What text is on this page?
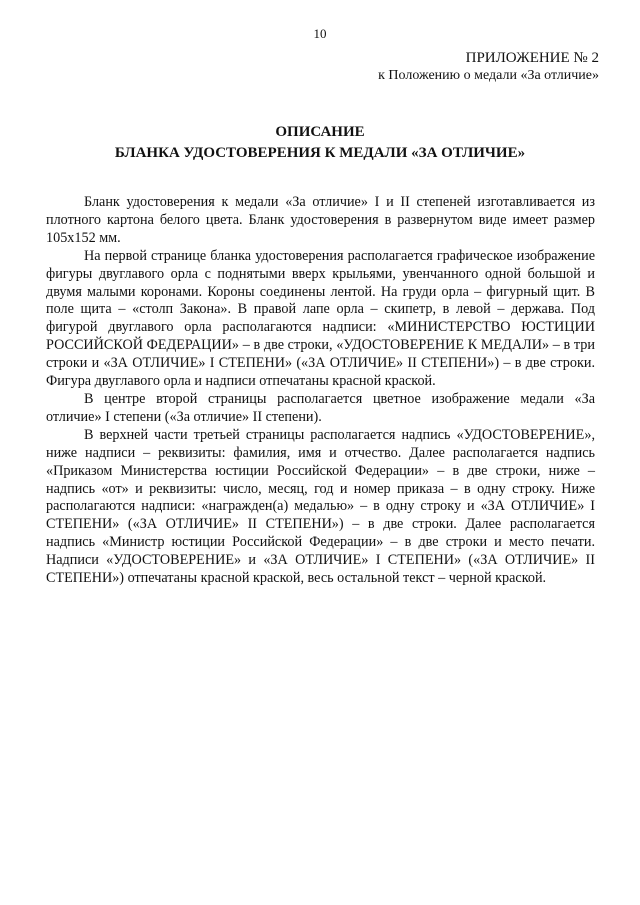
10
ПРИЛОЖЕНИЕ № 2
к Положению о медали «За отличие»
ОПИСАНИЕ
БЛАНКА УДОСТОВЕРЕНИЯ К МЕДАЛИ «ЗА ОТЛИЧИЕ»

Бланк удостоверения к медали «За отличие» I и II степеней изготавливается из плотного картона белого цвета. Бланк удостоверения в развернутом виде имеет размер 105х152 мм.

На первой странице бланка удостоверения располагается графическое изображение фигуры двуглавого орла с поднятыми вверх крыльями, увенчанного одной большой и двумя малыми коронами. Короны соединены лентой. На груди орла – фигурный щит. В поле щита – «столп Закона». В правой лапе орла – скипетр, в левой – держава. Под фигурой двуглавого орла располагаются надписи: «МИНИСТЕРСТВО ЮСТИЦИИ РОССИЙСКОЙ ФЕДЕРАЦИИ» – в две строки, «УДОСТОВЕРЕНИЕ К МЕДАЛИ» – в три строки и «ЗА ОТЛИЧИЕ» I СТЕПЕНИ» («ЗА ОТЛИЧИЕ» II СТЕПЕНИ») – в две строки. Фигура двуглавого орла и надписи отпечатаны красной краской.

В центре второй страницы располагается цветное изображение медали «За отличие» I степени («За отличие» II степени).

В верхней части третьей страницы располагается надпись «УДОСТОВЕРЕНИЕ», ниже надписи – реквизиты: фамилия, имя и отчество. Далее располагается надпись «Приказом Министерства юстиции Российской Федерации» – в две строки, ниже – надпись «от» и реквизиты: число, месяц, год и номер приказа – в одну строку. Ниже располагаются надписи: «награжден(а) медалью» – в одну строку и «ЗА ОТЛИЧИЕ» I СТЕПЕНИ» («ЗА ОТЛИЧИЕ» II СТЕПЕНИ») – в две строки. Далее располагается надпись «Министр юстиции Российской Федерации» – в две строки и место печати. Надписи «УДОСТОВЕРЕНИЕ» и «ЗА ОТЛИЧИЕ» I СТЕПЕНИ» («ЗА ОТЛИЧИЕ» II СТЕПЕНИ») отпечатаны красной краской, весь остальной текст – черной краской.
